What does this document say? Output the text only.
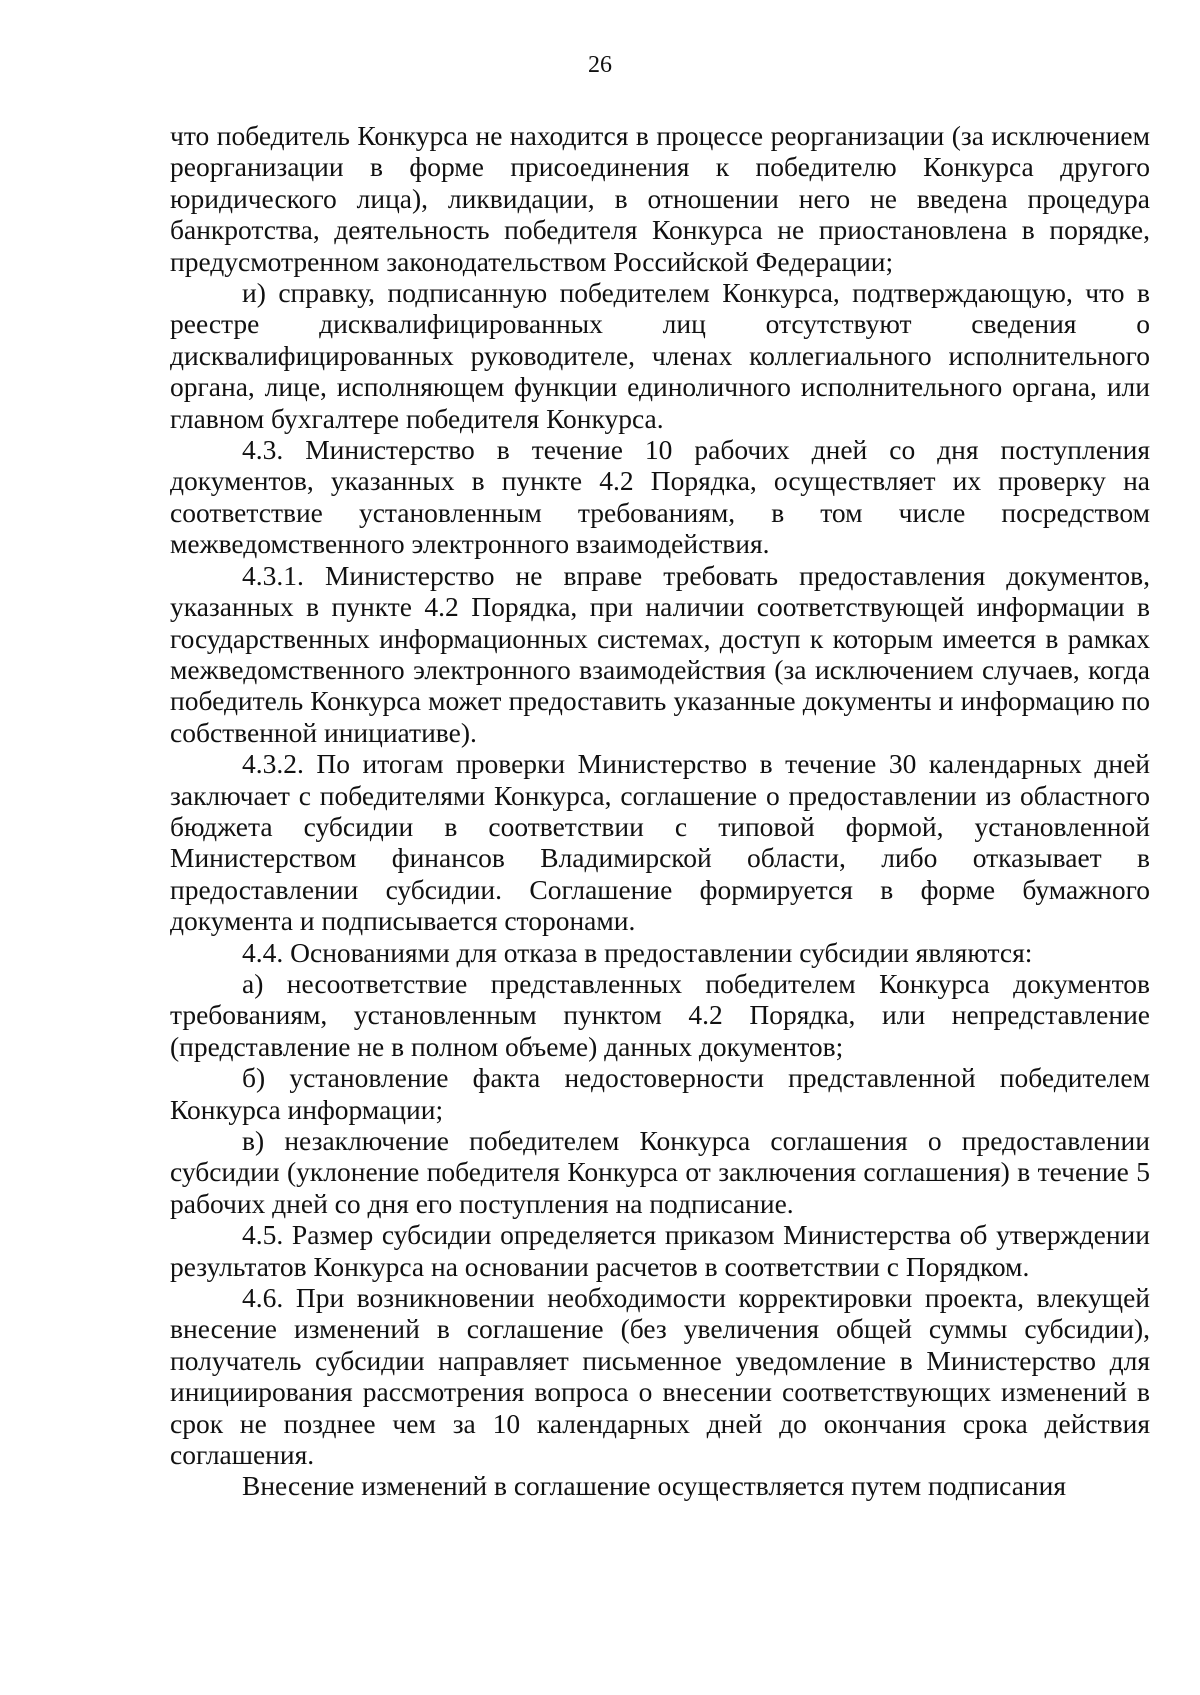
26

что победитель Конкурса не находится в процессе реорганизации (за исключением реорганизации в форме присоединения к победителю Конкурса другого юридического лица), ликвидации, в отношении него не введена процедура банкротства, деятельность победителя Конкурса не приостановлена в порядке, предусмотренном законодательством Российской Федерации;

и) справку, подписанную победителем Конкурса, подтверждающую, что в реестре дисквалифицированных лиц отсутствуют сведения о дисквалифицированных руководителе, членах коллегиального исполнительного органа, лице, исполняющем функции единоличного исполнительного органа, или главном бухгалтере победителя Конкурса.

4.3. Министерство в течение 10 рабочих дней со дня поступления документов, указанных в пункте 4.2 Порядка, осуществляет их проверку на соответствие установленным требованиям, в том числе посредством межведомственного электронного взаимодействия.

4.3.1. Министерство не вправе требовать предоставления документов, указанных в пункте 4.2 Порядка, при наличии соответствующей информации в государственных информационных системах, доступ к которым имеется в рамках межведомственного электронного взаимодействия (за исключением случаев, когда победитель Конкурса может предоставить указанные документы и информацию по собственной инициативе).

4.3.2. По итогам проверки Министерство в течение 30 календарных дней заключает с победителями Конкурса, соглашение о предоставлении из областного бюджета субсидии в соответствии с типовой формой, установленной Министерством финансов Владимирской области, либо отказывает в предоставлении субсидии. Соглашение формируется в форме бумажного документа и подписывается сторонами.

4.4. Основаниями для отказа в предоставлении субсидии являются:

а) несоответствие представленных победителем Конкурса документов требованиям, установленным пунктом 4.2 Порядка, или непредставление (представление не в полном объеме) данных документов;

б) установление факта недостоверности представленной победителем Конкурса информации;

в) незаключение победителем Конкурса соглашения о предоставлении субсидии (уклонение победителя Конкурса от заключения соглашения) в течение 5 рабочих дней со дня его поступления на подписание.

4.5. Размер субсидии определяется приказом Министерства об утверждении результатов Конкурса на основании расчетов в соответствии с Порядком.

4.6. При возникновении необходимости корректировки проекта, влекущей внесение изменений в соглашение (без увеличения общей суммы субсидии), получатель субсидии направляет письменное уведомление в Министерство для инициирования рассмотрения вопроса о внесении соответствующих изменений в срок не позднее чем за 10 календарных дней до окончания срока действия соглашения.

Внесение изменений в соглашение осуществляется путем подписания
